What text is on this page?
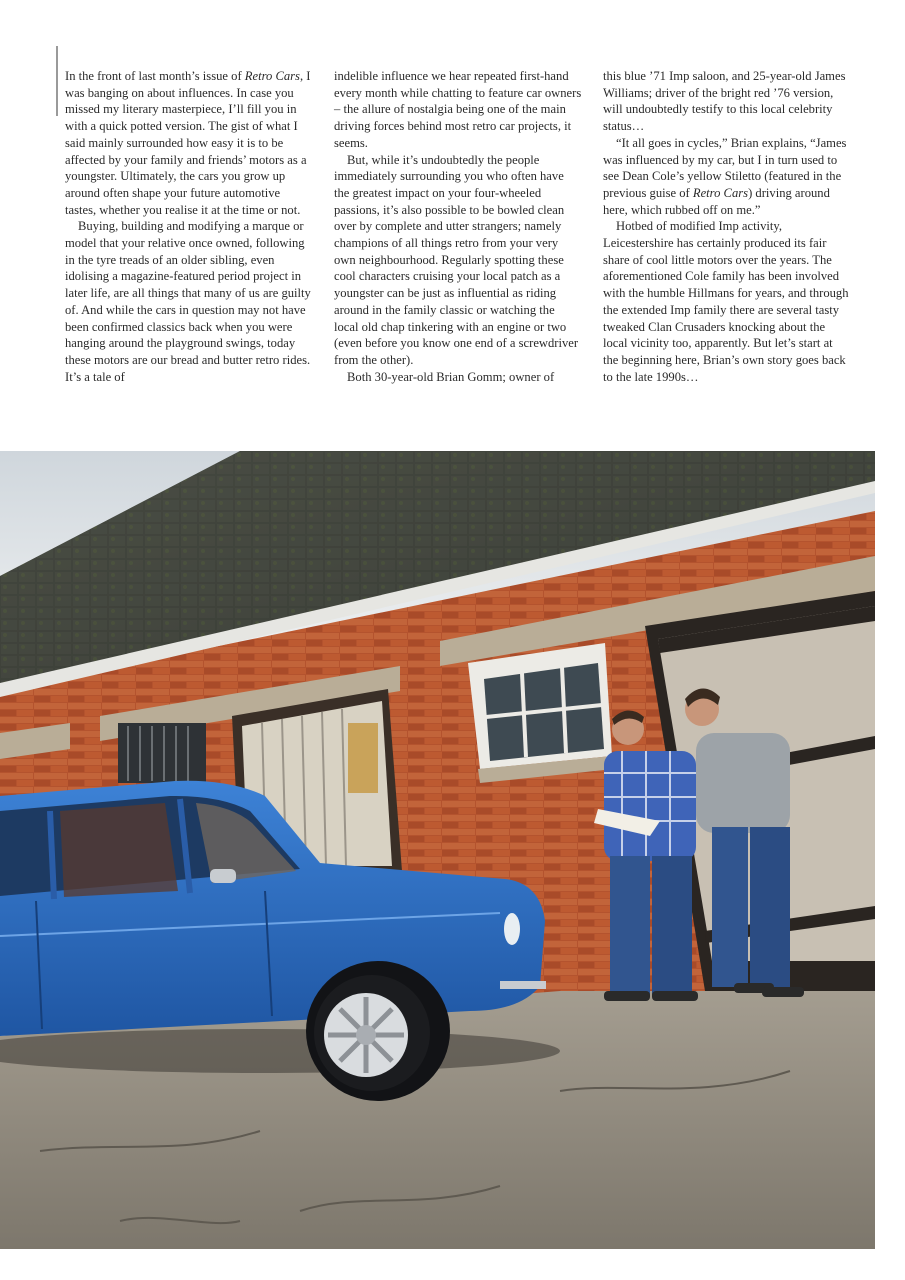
In the front of last month’s issue of Retro Cars, I was banging on about influences. In case you missed my literary masterpiece, I’ll fill you in with a quick potted version. The gist of what I said mainly surrounded how easy it is to be affected by your family and friends’ motors as a youngster. Ultimately, the cars you grow up around often shape your future automotive tastes, whether you realise it at the time or not.

Buying, building and modifying a marque or model that your relative once owned, following in the tyre treads of an older sibling, even idolising a magazine-featured period project in later life, are all things that many of us are guilty of. And while the cars in question may not have been confirmed classics back when you were hanging around the playground swings, today these motors are our bread and butter retro rides. It’s a tale of

indelible influence we hear repeated first-hand every month while chatting to feature car owners – the allure of nostalgia being one of the main driving forces behind most retro car projects, it seems.

But, while it’s undoubtedly the people immediately surrounding you who often have the greatest impact on your four-wheeled passions, it’s also possible to be bowled clean over by complete and utter strangers; namely champions of all things retro from your very own neighbourhood. Regularly spotting these cool characters cruising your local patch as a youngster can be just as influential as riding around in the family classic or watching the local old chap tinkering with an engine or two (even before you know one end of a screwdriver from the other).

Both 30-year-old Brian Gomm; owner of

this blue ’71 Imp saloon, and 25-year-old James Williams; driver of the bright red ’76 version, will undoubtedly testify to this local celebrity status…

“It all goes in cycles,” Brian explains, “James was influenced by my car, but I in turn used to see Dean Cole’s yellow Stiletto (featured in the previous guise of Retro Cars) driving around here, which rubbed off on me.”

Hotbed of modified Imp activity, Leicestershire has certainly produced its fair share of cool little motors over the years. The aforementioned Cole family has been involved with the humble Hillmans for years, and through the extended Imp family there are several tasty tweaked Clan Crusaders knocking about the local vicinity too, apparently. But let’s start at the beginning here, Brian’s own story goes back to the late 1990s…
